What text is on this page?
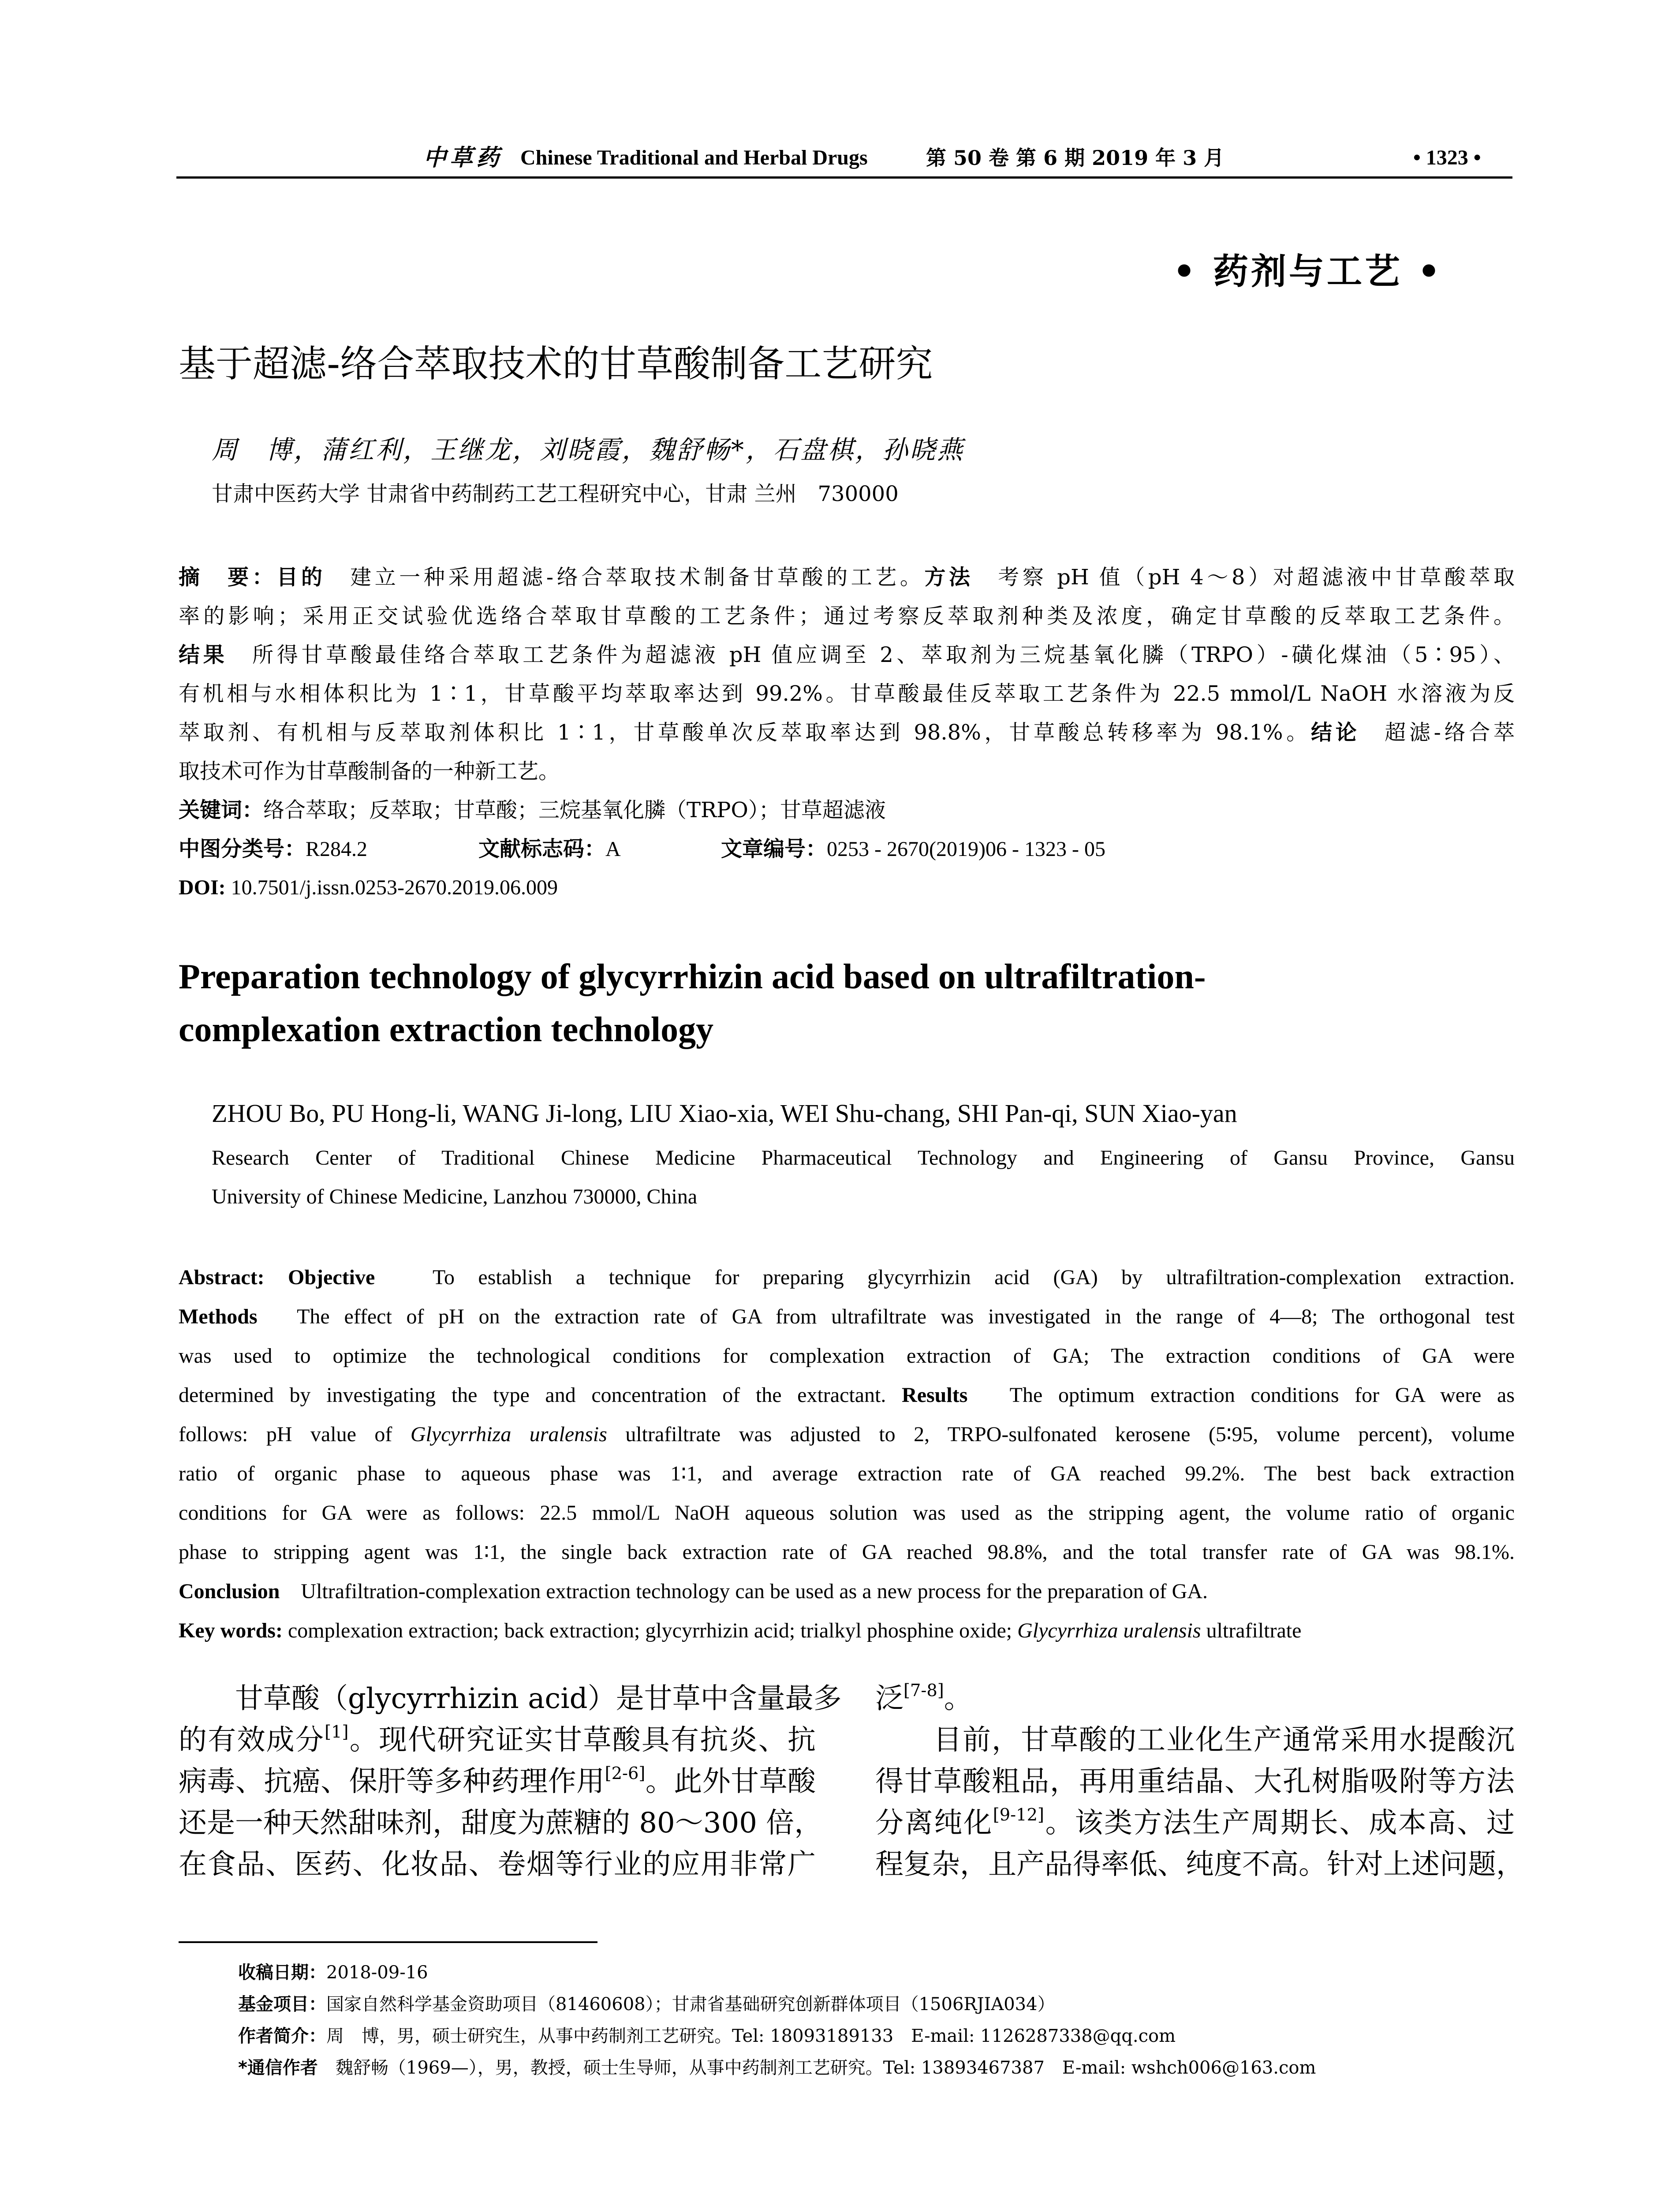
中草药 Chinese Traditional and Herbal Drugs	第 50 卷 第 6 期 2019 年 3 月	• 1323 •
• 药剂与工艺 •
基于超滤-络合萃取技术的甘草酸制备工艺研究
周　博，蒲红利，王继龙，刘晓霞，魏舒畅*，石盘棋，孙晓燕
甘肃中医药大学 甘肃省中药制药工艺工程研究中心，甘肃 兰州　730000
摘　要：目的　建立一种采用超滤-络合萃取技术制备甘草酸的工艺。方法　考察 pH 值（pH 4～8）对超滤液中甘草酸萃取
率的影响；采用正交试验优选络合萃取甘草酸的工艺条件；通过考察反萃取剂种类及浓度，确定甘草酸的反萃取工艺条件。
结果　所得甘草酸最佳络合萃取工艺条件为超滤液 pH 值应调至 2、萃取剂为三烷基氧化膦（TRPO）-磺化煤油（5∶95）、
有机相与水相体积比为 1∶1，甘草酸平均萃取率达到 99.2%。甘草酸最佳反萃取工艺条件为 22.5 mmol/L NaOH 水溶液为反
萃取剂、有机相与反萃取剂体积比 1∶1，甘草酸单次反萃取率达到 98.8%，甘草酸总转移率为 98.1%。结论　超滤-络合萃
取技术可作为甘草酸制备的一种新工艺。
关键词：络合萃取；反萃取；甘草酸；三烷基氧化膦（TRPO）；甘草超滤液
中图分类号：R284.2	文献标志码：A	文章编号：0253 - 2670(2019)06 - 1323 - 05
DOI: 10.7501/j.issn.0253-2670.2019.06.009
Preparation technology of glycyrrhizin acid based on ultrafiltration-
complexation extraction technology
ZHOU Bo, PU Hong-li, WANG Ji-long, LIU Xiao-xia, WEI Shu-chang, SHI Pan-qi, SUN Xiao-yan
Research Center of Traditional Chinese Medicine Pharmaceutical Technology and Engineering of Gansu Province, Gansu
University of Chinese Medicine, Lanzhou 730000, China
Abstract: Objective　To establish a technique for preparing glycyrrhizin acid (GA) by ultrafiltration-complexation extraction.
Methods　The effect of pH on the extraction rate of GA from ultrafiltrate was investigated in the range of 4—8; The orthogonal test
was used to optimize the technological conditions for complexation extraction of GA; The extraction conditions of GA were
determined by investigating the type and concentration of the extractant. Results　The optimum extraction conditions for GA were as
follows: pH value of Glycyrrhiza uralensis ultrafiltrate was adjusted to 2, TRPO-sulfonated kerosene (5∶95, volume percent), volume
ratio of organic phase to aqueous phase was 1∶1, and average extraction rate of GA reached 99.2%. The best back extraction
conditions for GA were as follows: 22.5 mmol/L NaOH aqueous solution was used as the stripping agent, the volume ratio of organic
phase to stripping agent was 1∶1, the single back extraction rate of GA reached 98.8%, and the total transfer rate of GA was 98.1%.
Conclusion　Ultrafiltration-complexation extraction technology can be used as a new process for the preparation of GA.
Key words: complexation extraction; back extraction; glycyrrhizin acid; trialkyl phosphine oxide; Glycyrrhiza uralensis ultrafiltrate
　　甘草酸（glycyrrhizin acid）是甘草中含量最多
的有效成分[1]。现代研究证实甘草酸具有抗炎、抗
病毒、抗癌、保肝等多种药理作用[2-6]。此外甘草酸
还是一种天然甜味剂，甜度为蔗糖的 80～300 倍，
在食品、医药、化妆品、卷烟等行业的应用非常广
泛[7-8]。
　　目前，甘草酸的工业化生产通常采用水提酸沉
得甘草酸粗品，再用重结晶、大孔树脂吸附等方法
分离纯化[9-12]。该类方法生产周期长、成本高、过
程复杂，且产品得率低、纯度不高。针对上述问题，
收稿日期：2018-09-16
基金项目：国家自然科学基金资助项目（81460608）；甘肃省基础研究创新群体项目（1506RJIA034）
作者简介：周　博，男，硕士研究生，从事中药制剂工艺研究。Tel: 18093189133　E-mail: 1126287338@qq.com
*通信作者　魏舒畅（1969—），男，教授，硕士生导师，从事中药制剂工艺研究。Tel: 13893467387　E-mail: wshch006@163.com
